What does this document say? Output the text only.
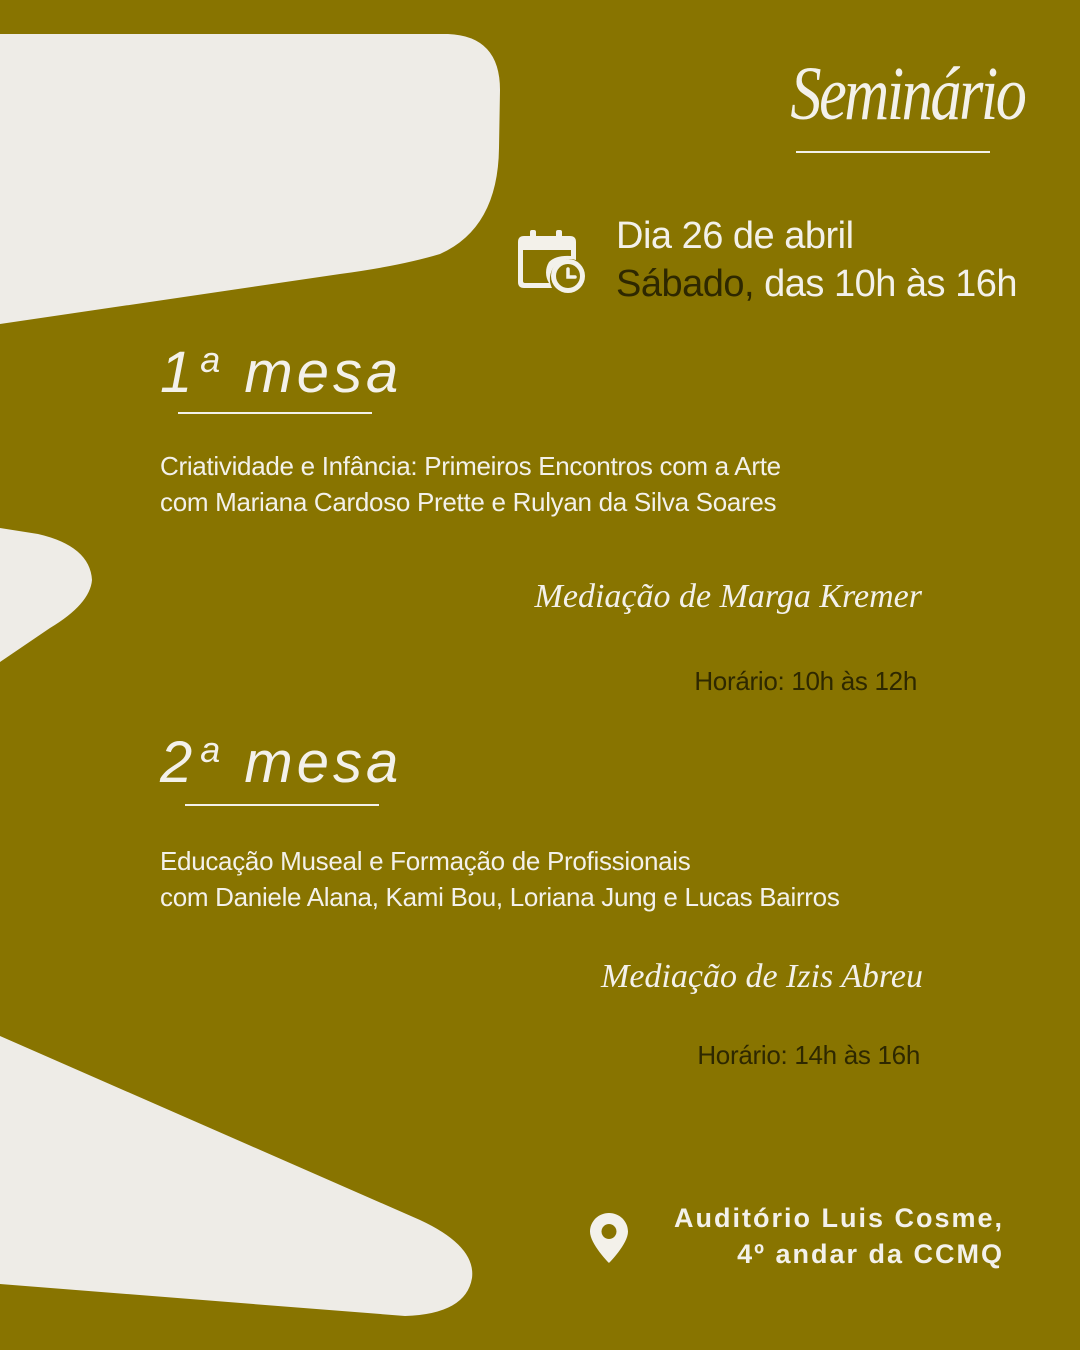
Seminário
Dia 26 de abril
Sábado, das 10h às 16h
1 a mesa
Criatividade e Infância: Primeiros Encontros com a Arte
com Mariana Cardoso Prette e Rulyan da Silva Soares
Mediação de Marga Kremer
Horário: 10h às 12h
2 a mesa
Educação Museal e Formação de Profissionais
com Daniele Alana, Kami Bou, Loriana Jung e Lucas Bairros
Mediação de Izis Abreu
Horário: 14h às 16h
Auditório Luis Cosme,
4º andar da CCMQ
